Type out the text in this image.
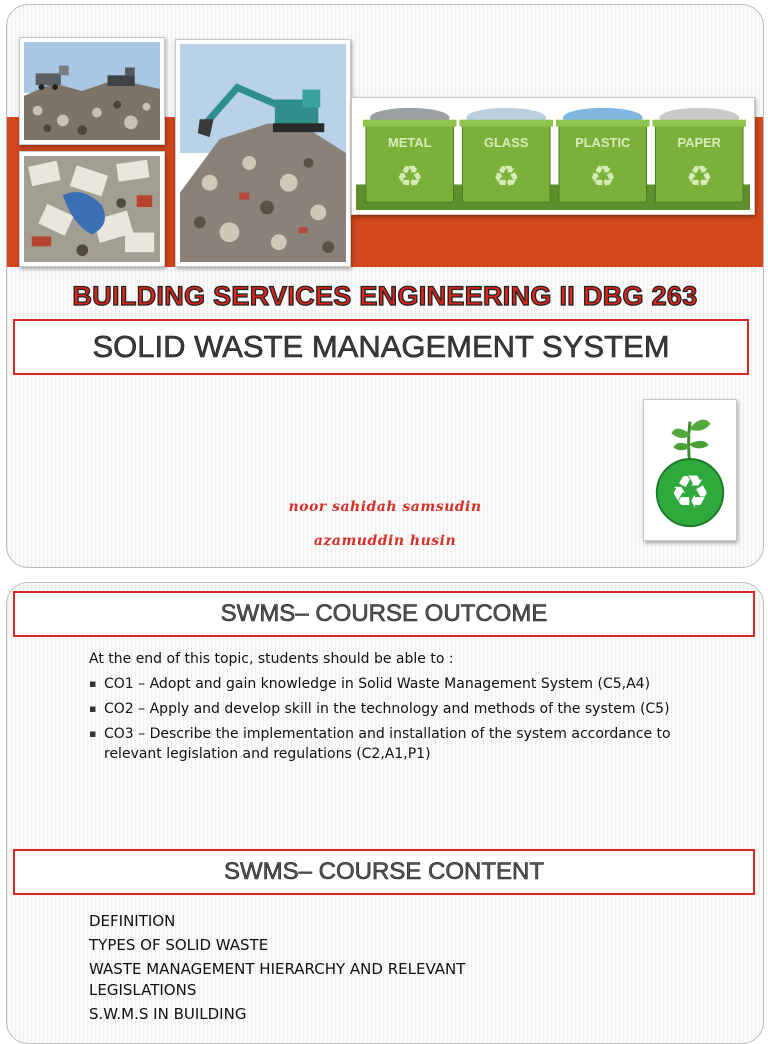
METAL
♻
GLASS
♻
PLASTIC
♻
PAPER
♻
BUILDING SERVICES ENGINEERING II DBG 263
SOLID WASTE MANAGEMENT SYSTEM
♻
noor sahidah samsudin
azamuddin husin
SWMS– COURSE OUTCOME

At the end of this topic, students should be able to :

▪ CO1 – Adopt and gain knowledge in Solid Waste Management System (C5,A4)
▪ CO2 – Apply and develop skill in the technology and methods of the system (C5)
▪ CO3 – Describe the implementation and installation of the system accordance to relevant legislation and regulations (C2,A1,P1)
SWMS– COURSE CONTENT
DEFINITION
TYPES OF SOLID WASTE
WASTE MANAGEMENT HIERARCHY AND RELEVANT LEGISLATIONS
S.W.M.S IN BUILDING
